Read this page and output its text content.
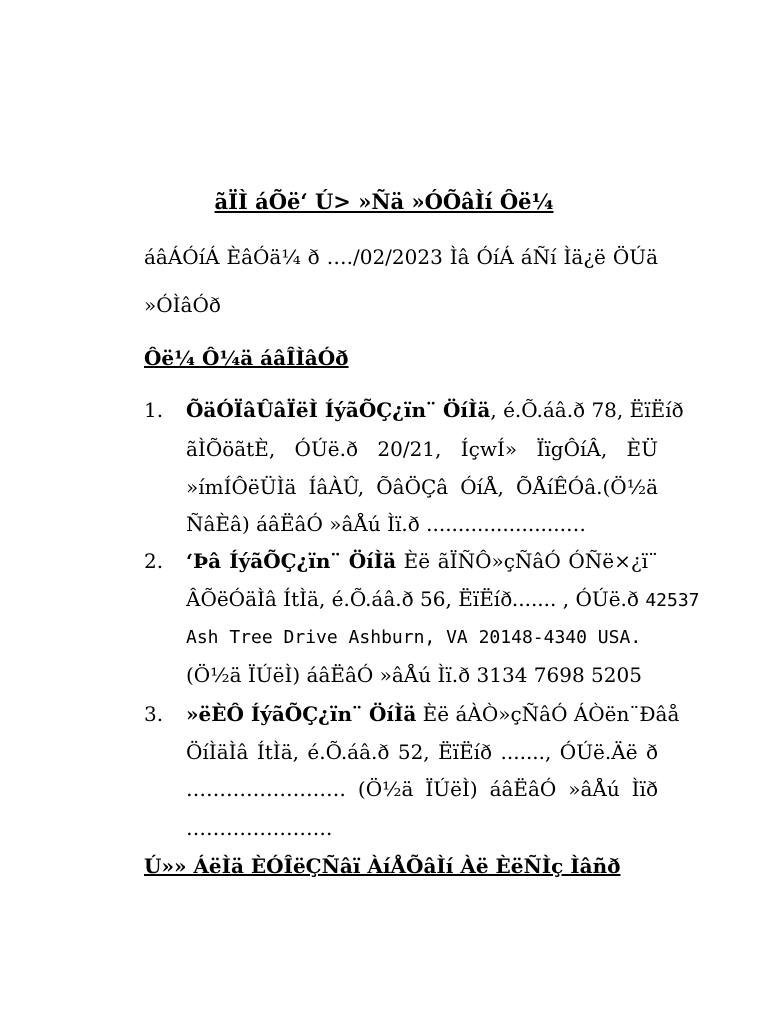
ãÏÌ áÕë‘ Ú> »Ñä »ÓÕâÌí Ôë¼
áâÁÓíÁ ÈâÓä¼ ð …./02/2023 Ìâ ÓíÁ áÑí Ìä¿ë ÖÚä
»ÓÌâÓð
Ôë¼ Ô¼ä áâÎÌâÓð
1. ÕäÓÏâÛâÏëÌ ÍýãÕÇ¿ïn¨ ÖíÌä, é.Õ.áâ.ð 78, ËïËíð
ãÌÕöãtÈ, ÓÚë.ð 20/21, ÍçwÍ» ÏïgÔíÂ, ÈÜ
»ímÍÔëÜÌä ÍâÀÛ, ÕâÖÇâ ÓíÅ, ÕÅíÊÓâ.(Ö½ä
ÑâÈâ) áâËâÓ »âÅú Ìï.ð ......................…
2. ‘Þâ ÍýãÕÇ¿ïn¨ ÖíÌä Èë ãÏÑÔ»çÑâÓ ÓÑë×¿ï¨
ÂÕëÓäÌâ ÍtÌä, é.Õ.áâ.ð 56, ËïËíð....... , ÓÚë.ð 42537
Ash Tree Drive Ashburn, VA 20148-4340 USA.
(Ö½ä ÏÚëÌ) áâËâÓ »âÅú Ìï.ð 3134 7698 5205
3. »ëÈÔ ÍýãÕÇ¿ïn¨ ÖíÌä Èë áÀÒ»çÑâÓ ÁÒën¨Ðâå
ÖíÌäÌâ ÍtÌä, é.Õ.áâ.ð 52, ËïËíð ......., ÓÚë.Äë ð
…………………… (Ö½ä ÏÚëÌ) áâËâÓ »âÅú Ìïð
………………….
Ú»» ÁëÌä ÈÓÎëÇÑâï ÀíÅÕâÌí Àë ÈëÑÌç Ìâñð
